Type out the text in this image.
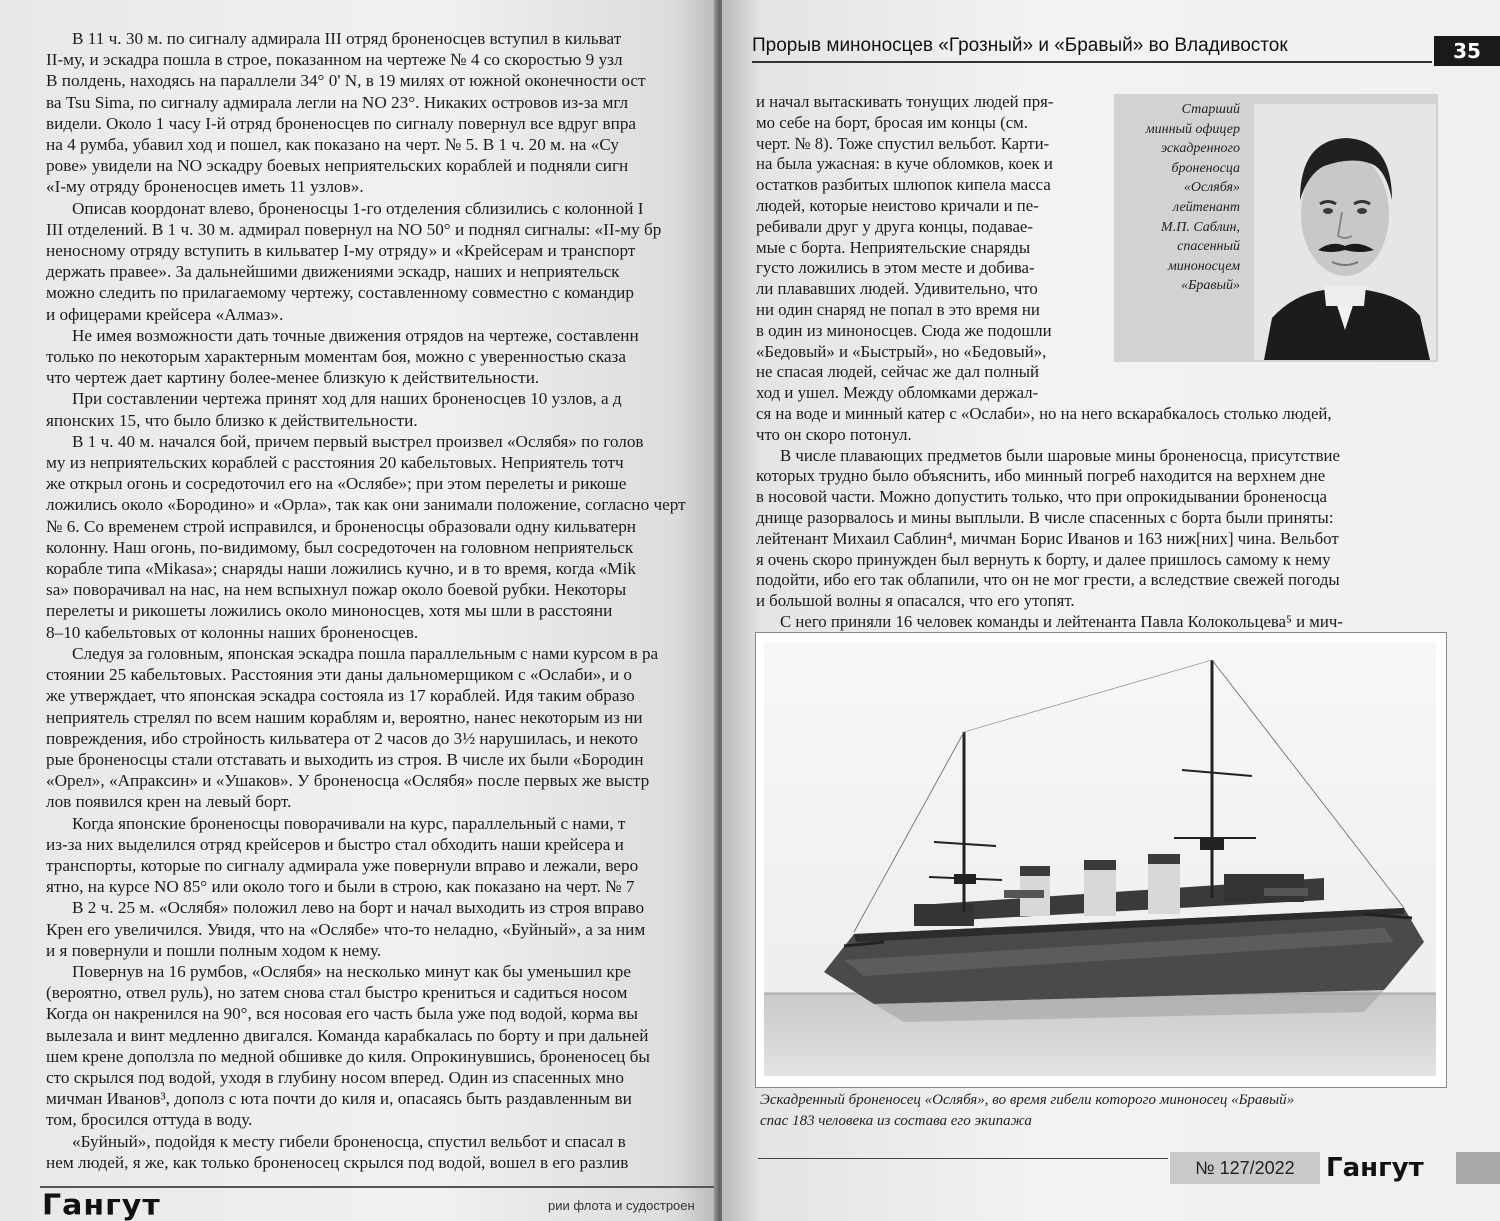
В 11 ч. 30 м. по сигналу адмирала III отряд броненосцев вступил в кильват

II-му, и эскадра пошла в строе, показанном на чертеже № 4 со скоростью 9 узл

В полдень, находясь на параллели 34° 0' N, в 19 милях от южной оконечности ост

ва Tsu Sima, по сигналу адмирала легли на NO 23°. Никаких островов из-за мгл

видели. Около 1 часу I-й отряд броненосцев по сигналу повернул все вдруг впра

на 4 румба, убавил ход и пошел, как показано на черт. № 5. В 1 ч. 20 м. на «Су

рове» увидели на NO эскадру боевых неприятельских кораблей и подняли сигн

«I-му отряду броненосцев иметь 11 узлов».

Описав коордонат влево, броненосцы 1-го отделения сблизились с колонной I

III отделений. В 1 ч. 30 м. адмирал повернул на NO 50° и поднял сигналы: «II-му бр

неносному отряду вступить в кильватер I-му отряду» и «Крейсерам и транспорт

держать правее». За дальнейшими движениями эскадр, наших и неприятельск

можно следить по прилагаемому чертежу, составленному совместно с командир

и офицерами крейсера «Алмаз».

Не имея возможности дать точные движения отрядов на чертеже, составленн

только по некоторым характерным моментам боя, можно с уверенностью сказа

что чертеж дает картину более-менее близкую к действительности.

При составлении чертежа принят ход для наших броненосцев 10 узлов, а д

японских 15, что было близко к действительности.

В 1 ч. 40 м. начался бой, причем первый выстрел произвел «Ослябя» по голов

му из неприятельских кораблей с расстояния 20 кабельтовых. Неприятель тотч

же открыл огонь и сосредоточил его на «Ослябе»; при этом перелеты и рикоше

ложились около «Бородино» и «Орла», так как они занимали положение, согласно черт

№ 6. Со временем строй исправился, и броненосцы образовали одну кильватерн

колонну. Наш огонь, по-видимому, был сосредоточен на головном неприятельск

корабле типа «Mikasa»; снаряды наши ложились кучно, и в то время, когда «Mik

sa» поворачивал на нас, на нем вспыхнул пожар около боевой рубки. Некоторы

перелеты и рикошеты ложились около миноносцев, хотя мы шли в расстояни

8–10 кабельтовых от колонны наших броненосцев.

Следуя за головным, японская эскадра пошла параллельным с нами курсом в ра

стоянии 25 кабельтовых. Расстояния эти даны дальномерщиком с «Ослаби», и о

же утверждает, что японская эскадра состояла из 17 кораблей. Идя таким образо

неприятель стрелял по всем нашим кораблям и, вероятно, нанес некоторым из ни

повреждения, ибо стройность кильватера от 2 часов до 3½ нарушилась, и некото

рые броненосцы стали отставать и выходить из строя. В числе их были «Бородин

«Орел», «Апраксин» и «Ушаков». У броненосца «Ослябя» после первых же выстр

лов появился крен на левый борт.

Когда японские броненосцы поворачивали на курс, параллельный с нами, т

из-за них выделился отряд крейсеров и быстро стал обходить наши крейсера и

транспорты, которые по сигналу адмирала уже повернули вправо и лежали, веро

ятно, на курсе NO 85° или около того и были в строю, как показано на черт. № 7

В 2 ч. 25 м. «Ослябя» положил лево на борт и начал выходить из строя вправо

Крен его увеличился. Увидя, что на «Ослябе» что-то неладно, «Буйный», а за ним

и я повернули и пошли полным ходом к нему.

Повернув на 16 румбов, «Ослябя» на несколько минут как бы уменьшил кре

(вероятно, отвел руль), но затем снова стал быстро крениться и садиться носом

Когда он накренился на 90°, вся носовая его часть была уже под водой, корма вы

вылезала и винт медленно двигался. Команда карабкалась по борту и при дальней

шем крене доползла по медной обшивке до киля. Опрокинувшись, броненосец бы

сто скрылся под водой, уходя в глубину носом вперед. Один из спасенных мно

мичман Иванов³, дополз с юта почти до киля и, опасаясь быть раздавленным ви

том, бросился оттуда в воду.

«Буйный», подойдя к месту гибели броненосца, спустил вельбот и спасал в

нем людей, я же, как только броненосец скрылся под водой, вошел в его разлив

Гангут	рии флота и судостроен
Прорыв миноносцев «Грозный» и «Бравый» во Владивосток	35

и начал вытаскивать тонущих людей пря-

мо себе на борт, бросая им концы (см.

черт. № 8). Тоже спустил вельбот. Карти-

на была ужасная: в куче обломков, коек и

остатков разбитых шлюпок кипела масса

людей, которые неистово кричали и пе-

ребивали друг у друга концы, подавае-

мые с борта. Неприятельские снаряды

густо ложились в этом месте и добива-

ли плававших людей. Удивительно, что

ни один снаряд не попал в это время ни

в один из миноносцев. Сюда же подошли

«Бедовый» и «Быстрый», но «Бедовый»,

не спасая людей, сейчас же дал полный

ход и ушел. Между обломками держал-

ся на воде и минный катер с «Ослаби», но на него вскарабкалось столько людей,

что он скоро потонул.

В числе плавающих предметов были шаровые мины броненосца, присутствие

которых трудно было объяснить, ибо минный погреб находится на верхнем дне

в носовой части. Можно допустить только, что при опрокидывании броненосца

днище разорвалось и мины выплыли. В числе спасенных с борта были приняты:

лейтенант Михаил Саблин⁴, мичман Борис Иванов и 163 ниж[них] чина. Вельбот

я очень скоро принужден был вернуть к борту, и далее пришлось самому к нему

подойти, ибо его так облапили, что он не мог грести, а вследствие свежей погоды

и большой волны я опасался, что его утопят.

С него приняли 16 человек команды и лейтенанта Павла Колокольцева⁵ и мич-

Старший
минный офицер
эскадренного
броненосца
«Ослябя»
лейтенант
М.П. Саблин,
спасенный
миноносцем
«Бравый»
Эскадренный броненосец «Ослябя», во время гибели которого миноносец «Бравый»
спас 183 человека из состава его экипажа
№ 127/2022	Гангут
